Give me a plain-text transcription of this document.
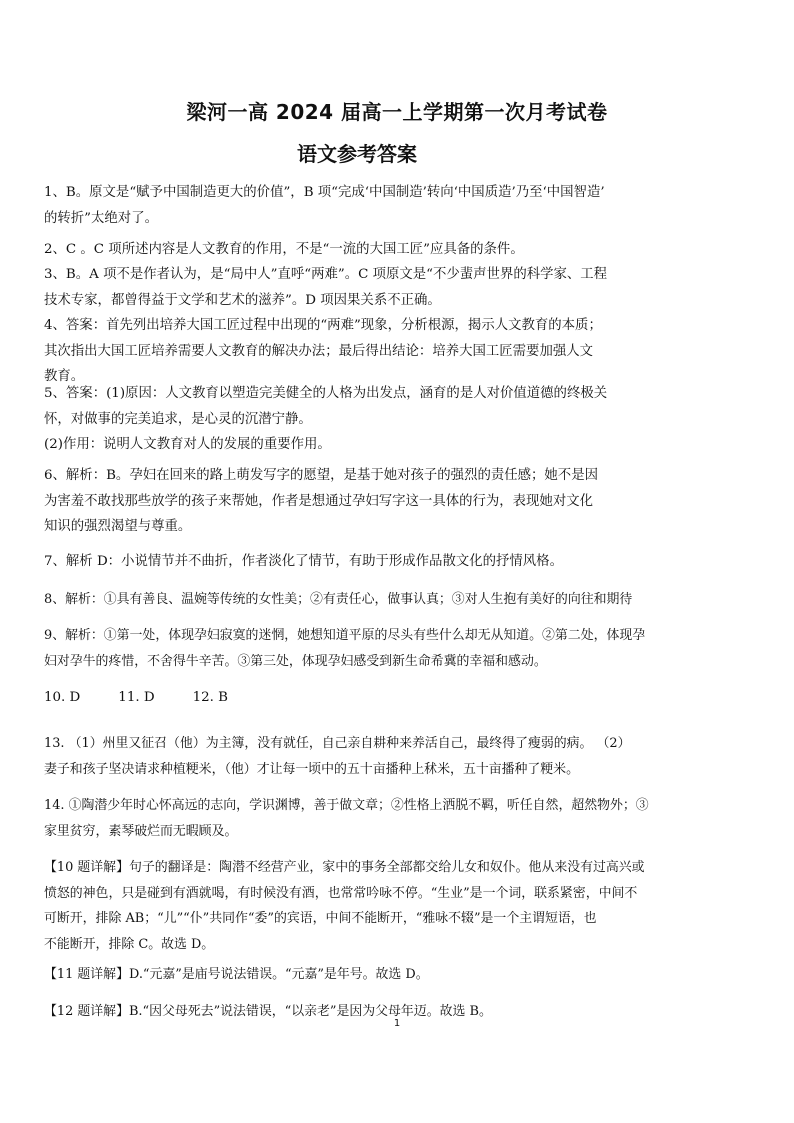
梁河一高 2024 届高一上学期第一次月考试卷
语文参考答案
1、B。原文是“赋予中国制造更大的价值”，B 项“完成‘中国制造’转向‘中国质造’乃至‘中国智造’
的转折”太绝对了。
2、C 。C 项所述内容是人文教育的作用，不是“一流的大国工匠”应具备的条件。
3、B。A 项不是作者认为，是“局中人”直呼“两难”。C 项原文是“不少蜚声世界的科学家、工程
技术专家，都曾得益于文学和艺术的滋养”。D 项因果关系不正确。
4、答案：首先列出培养大国工匠过程中出现的“两难”现象，分析根源，揭示人文教育的本质；
其次指出大国工匠培养需要人文教育的解决办法；最后得出结论：培养大国工匠需要加强人文
教育。
5、答案：(1)原因：人文教育以塑造完美健全的人格为出发点，涵育的是人对价值道德的终极关
怀，对做事的完美追求，是心灵的沉潜宁静。
(2)作用：说明人文教育对人的发展的重要作用。
6、解析：B。孕妇在回来的路上萌发写字的愿望，是基于她对孩子的强烈的责任感；她不是因
为害羞不敢找那些放学的孩子来帮她，作者是想通过孕妇写字这一具体的行为，表现她对文化
知识的强烈渴望与尊重。
7、解析 D：小说情节并不曲折，作者淡化了情节，有助于形成作品散文化的抒情风格。
8、解析：①具有善良、温婉等传统的女性美；②有责任心，做事认真；③对人生抱有美好的向往和期待
9、解析：①第一处，体现孕妇寂寞的迷惘，她想知道平原的尽头有些什么却无从知道。②第二处，体现孕
妇对孕牛的疼惜，不舍得牛辛苦。③第三处，体现孕妇感受到新生命希冀的幸福和感动。
10. D	11. D	12. B
13. （1）州里又征召（他）为主簿，没有就任，自己亲自耕种来养活自己，最终得了瘦弱的病。 （2）
妻子和孩子坚决请求种植粳米，（他）才让每一顷中的五十亩播种上秫米，五十亩播种了粳米。
14. ①陶潜少年时心怀高远的志向，学识渊博，善于做文章；②性格上洒脱不羁，听任自然，超然物外；③
家里贫穷，素琴破烂而无暇顾及。
【10 题详解】句子的翻译是：陶潜不经营产业，家中的事务全部都交给儿女和奴仆。他从来没有过高兴或
愤怒的神色，只是碰到有酒就喝，有时候没有酒，也常常吟咏不停。“生业”是一个词，联系紧密，中间不
可断开，排除 AB；“儿”“仆”共同作“委”的宾语，中间不能断开，“雅咏不辍”是一个主谓短语，也
不能断开，排除 C。故选 D。
【11 题详解】D.“元嘉”是庙号说法错误。“元嘉”是年号。故选 D。
【12 题详解】B.“因父母死去”说法错误，“以亲老”是因为父母年迈。故选 B。
1
